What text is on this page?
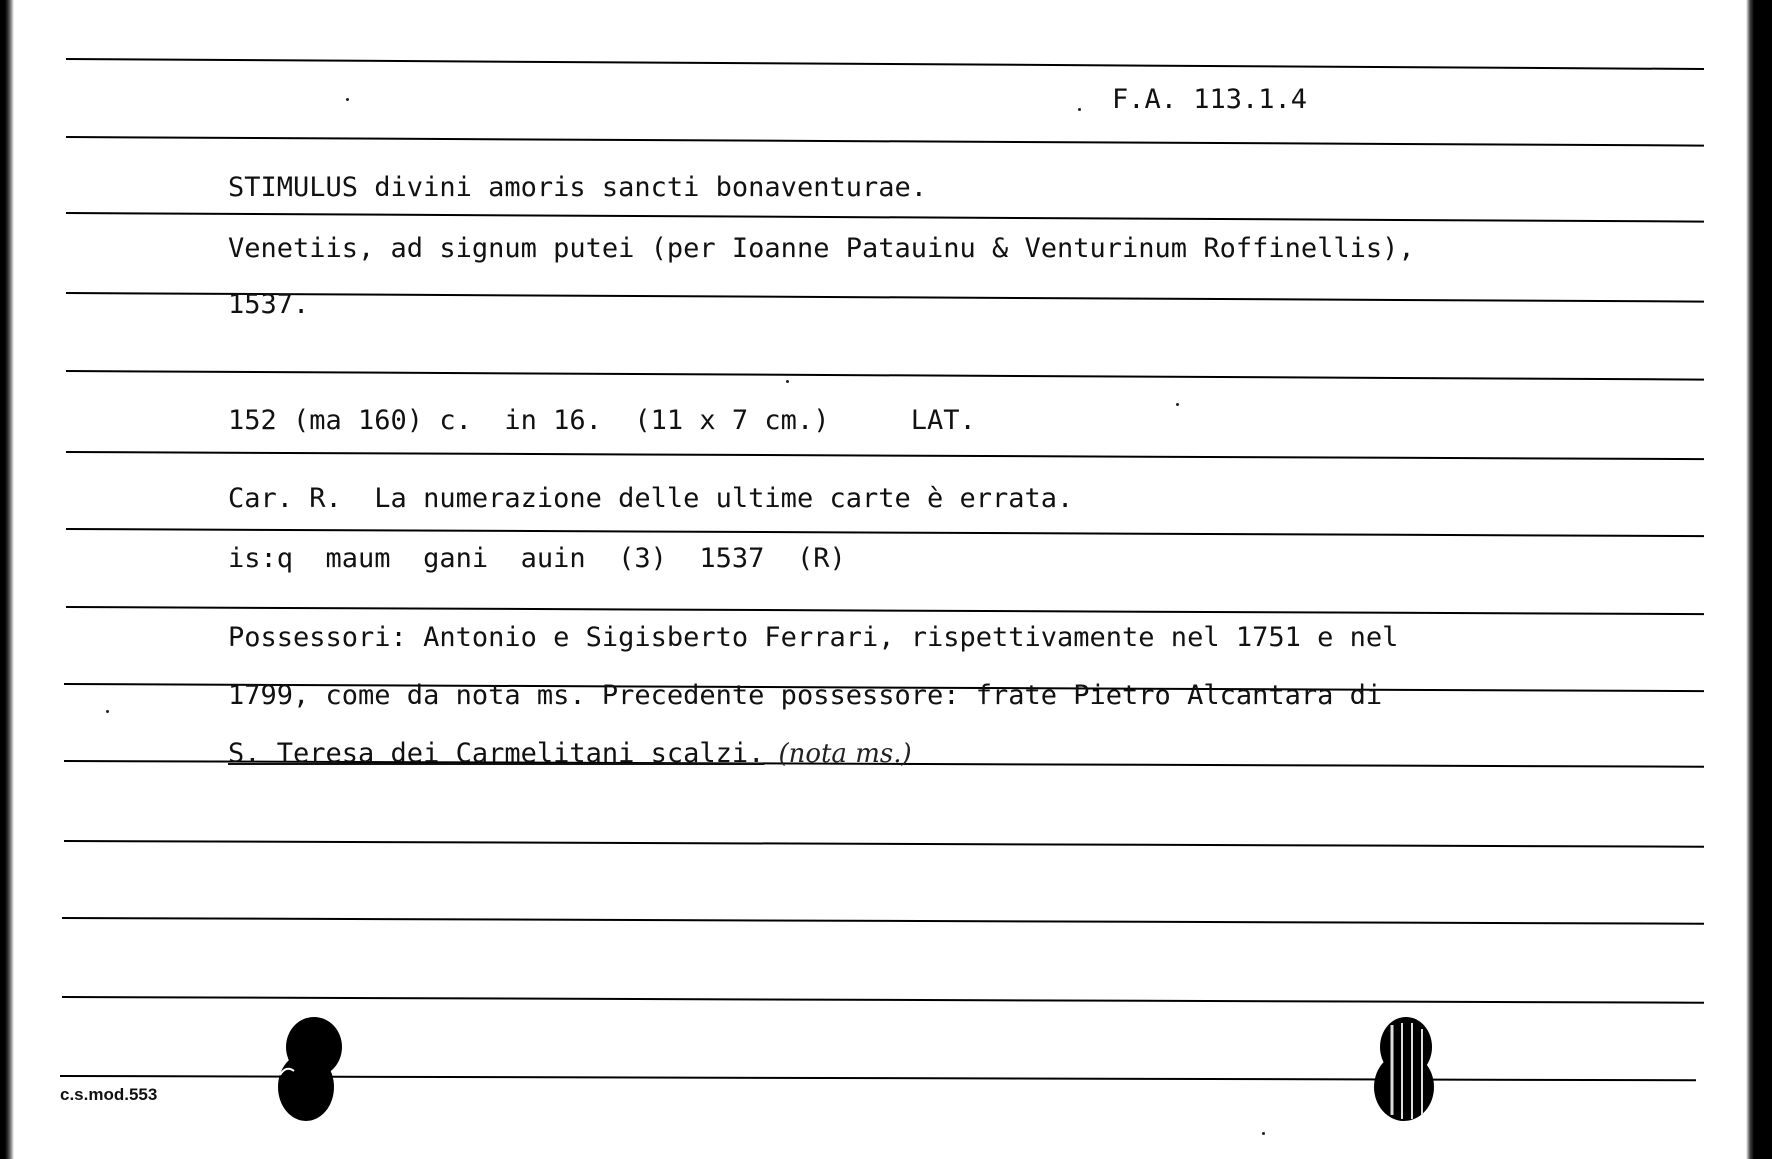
F.A. 113.1.4
STIMULUS divini amoris sancti bonaventurae.
Venetiis, ad signum putei (per Ioanne Patauinu & Venturinum Roffinellis),
1537.
152 (ma 160) c.  in 16.  (11 x 7 cm.)     LAT.
Car. R.  La numerazione delle ultime carte è errata.
is:q  maum  gani  auin  (3)  1537  (R)
Possessori: Antonio e Sigisberto Ferrari, rispettivamente nel 1751 e nel
1799, come da nota ms. Precedente possessore: frate Pietro Alcantara di
S. Teresa dei Carmelitani scalzi. (nota ms.)
c.s.mod.553
